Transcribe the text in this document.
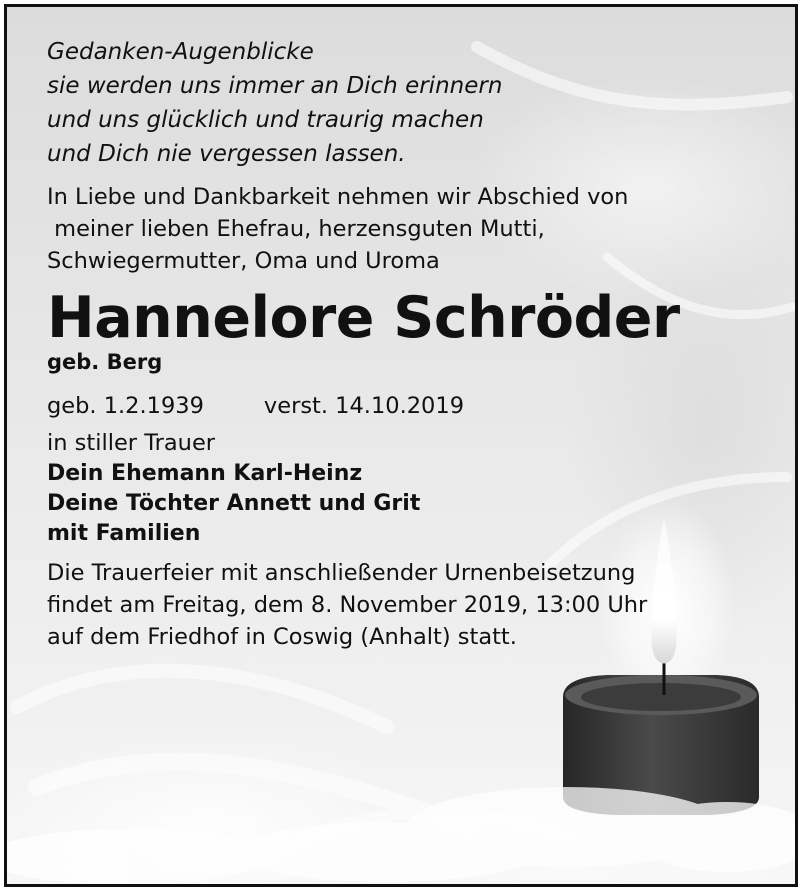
Gedanken-Augenblicke
sie werden uns immer an Dich erinnern
und uns glücklich und traurig machen
und Dich nie vergessen lassen.
In Liebe und Dankbarkeit nehmen wir Abschied von
meiner lieben Ehefrau, herzensguten Mutti,
Schwiegermutter, Oma und Uroma
Hannelore Schröder
geb. Berg
geb. 1.2.1939	verst. 14.10.2019
in stiller Trauer
Dein Ehemann Karl-Heinz
Deine Töchter Annett und Grit
mit Familien
Die Trauerfeier mit anschließender Urnenbeisetzung
findet am Freitag, dem 8. November 2019, 13:00 Uhr
auf dem Friedhof in Coswig (Anhalt) statt.
